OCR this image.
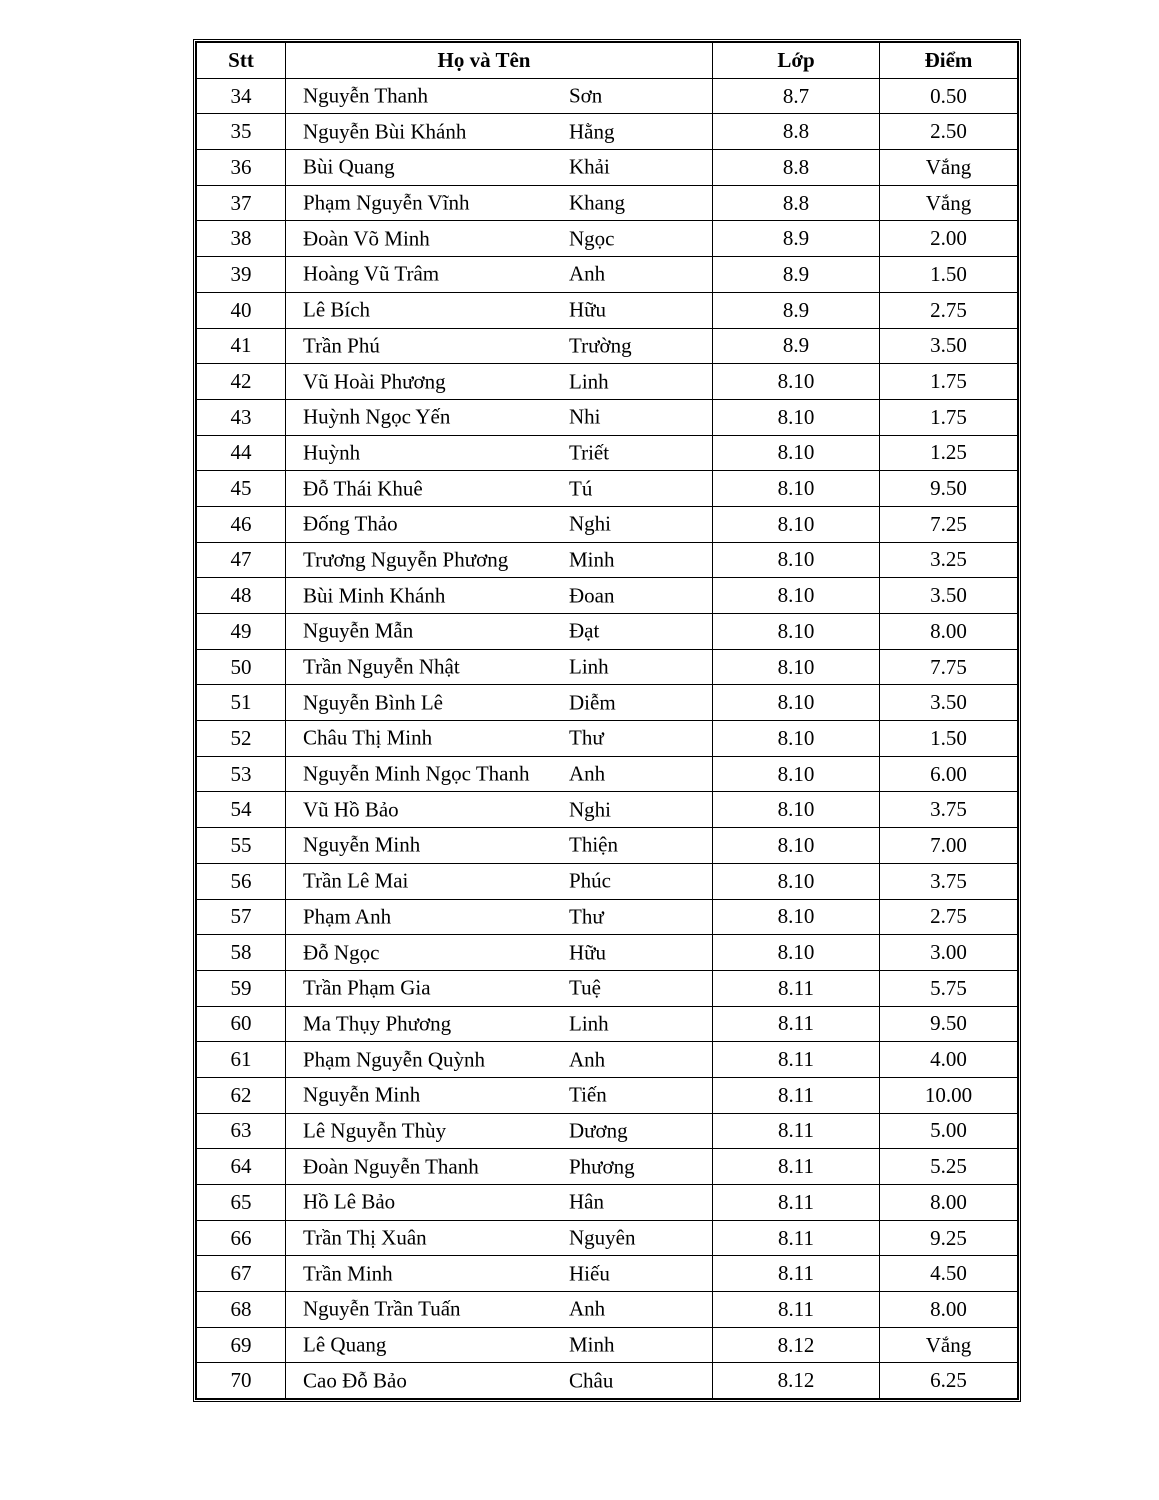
Stt	Họ và Tên	Lớp	Điểm
34	Nguyễn Thanh Sơn	8.7	0.50
35	Nguyễn Bùi Khánh Hằng	8.8	2.50
36	Bùi Quang Khải	8.8	Vắng
37	Phạm Nguyễn Vĩnh Khang	8.8	Vắng
38	Đoàn Võ Minh Ngọc	8.9	2.00
39	Hoàng Vũ Trâm Anh	8.9	1.50
40	Lê Bích Hữu	8.9	2.75
41	Trần Phú Trường	8.9	3.50
42	Vũ Hoài Phương Linh	8.10	1.75
43	Huỳnh Ngọc Yến Nhi	8.10	1.75
44	Huỳnh Triết	8.10	1.25
45	Đỗ Thái Khuê Tú	8.10	9.50
46	Đống Thảo Nghi	8.10	7.25
47	Trương Nguyễn Phương Minh	8.10	3.25
48	Bùi Minh Khánh Đoan	8.10	3.50
49	Nguyễn Mẫn Đạt	8.10	8.00
50	Trần Nguyễn Nhật Linh	8.10	7.75
51	Nguyễn Bình Lê Diễm	8.10	3.50
52	Châu Thị Minh Thư	8.10	1.50
53	Nguyễn Minh Ngọc Thanh Anh	8.10	6.00
54	Vũ Hồ Bảo Nghi	8.10	3.75
55	Nguyễn Minh Thiện	8.10	7.00
56	Trần Lê Mai Phúc	8.10	3.75
57	Phạm Anh Thư	8.10	2.75
58	Đỗ Ngọc Hữu	8.10	3.00
59	Trần Phạm Gia Tuệ	8.11	5.75
60	Ma Thụy Phương Linh	8.11	9.50
61	Phạm Nguyễn Quỳnh Anh	8.11	4.00
62	Nguyễn Minh Tiến	8.11	10.00
63	Lê Nguyễn Thùy Dương	8.11	5.00
64	Đoàn Nguyễn Thanh Phương	8.11	5.25
65	Hồ Lê Bảo Hân	8.11	8.00
66	Trần Thị Xuân Nguyên	8.11	9.25
67	Trần Minh Hiếu	8.11	4.50
68	Nguyễn Trần Tuấn Anh	8.11	8.00
69	Lê Quang Minh	8.12	Vắng
70	Cao Đỗ Bảo Châu	8.12	6.25
